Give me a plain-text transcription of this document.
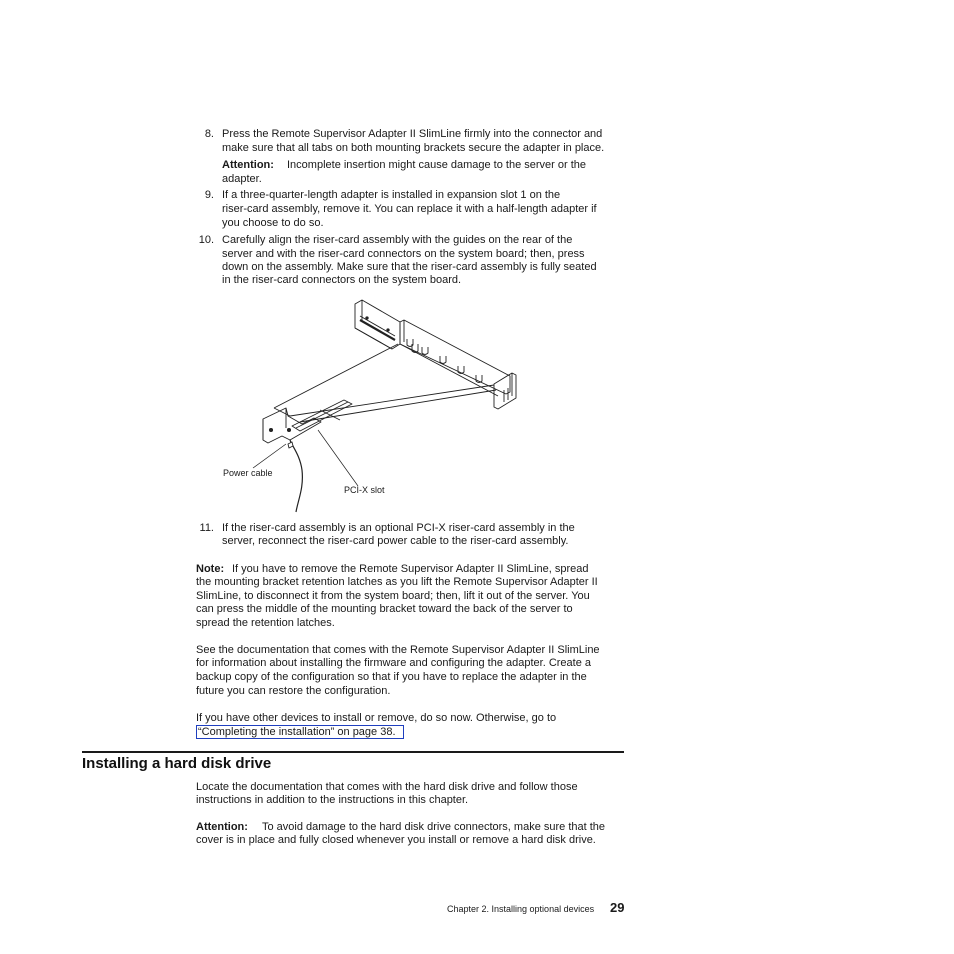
8. Press the Remote Supervisor Adapter II SlimLine firmly into the connector and
make sure that all tabs on both mounting brackets secure the adapter in place.
Attention: Incomplete insertion might cause damage to the server or the
adapter.
9. If a three-quarter-length adapter is installed in expansion slot 1 on the
riser-card assembly, remove it. You can replace it with a half-length adapter if
you choose to do so.
10. Carefully align the riser-card assembly with the guides on the rear of the
server and with the riser-card connectors on the system board; then, press
down on the assembly. Make sure that the riser-card assembly is fully seated
in the riser-card connectors on the system board.
Power cable
PCI-X slot
11. If the riser-card assembly is an optional PCI-X riser-card assembly in the
server, reconnect the riser-card power cable to the riser-card assembly.
Note: If you have to remove the Remote Supervisor Adapter II SlimLine, spread
the mounting bracket retention latches as you lift the Remote Supervisor Adapter II
SlimLine, to disconnect it from the system board; then, lift it out of the server. You
can press the middle of the mounting bracket toward the back of the server to
spread the retention latches.
See the documentation that comes with the Remote Supervisor Adapter II SlimLine
for information about installing the firmware and configuring the adapter. Create a
backup copy of the configuration so that if you have to replace the adapter in the
future you can restore the configuration.
If you have other devices to install or remove, do so now. Otherwise, go to
“Completing the installation” on page 38.
Installing a hard disk drive
Locate the documentation that comes with the hard disk drive and follow those
instructions in addition to the instructions in this chapter.
Attention: To avoid damage to the hard disk drive connectors, make sure that the
cover is in place and fully closed whenever you install or remove a hard disk drive.
Chapter 2. Installing optional devices 29
